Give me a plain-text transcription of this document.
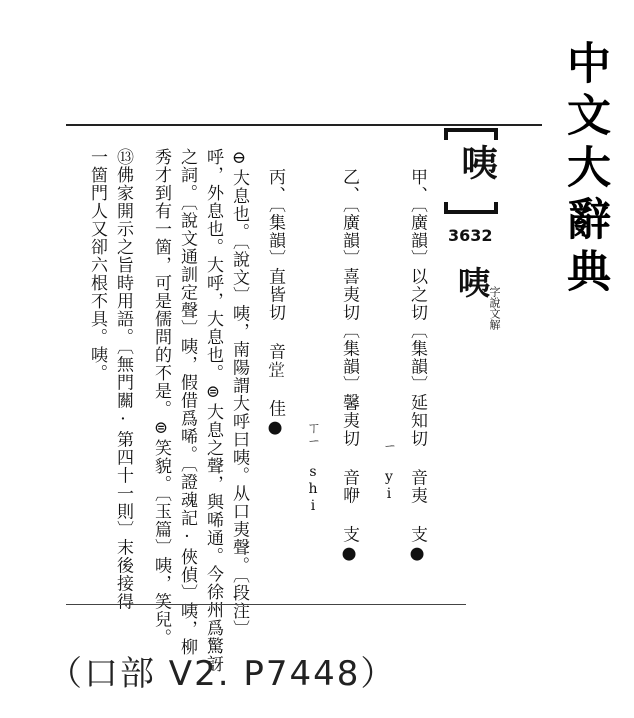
中文大辭典
咦
3632
咦
字說文解
甲、〔廣韻〕以之切〔集韻〕延知切 音夷 支●
ㄧ yi
乙、〔廣韻〕喜夷切〔集韻〕馨夷切 音咿 支●
ㄒㄧ shi
丙、〔集韻〕直皆切 音𣥺 佳●
⊖大息也。〔說文〕咦，南陽謂大呼曰咦。从口夷聲。〔段注〕
呼，外息也。大呼，大息也。⊜大息之聲，與唏通。今徐州爲驚訝
之詞。〔說文通訓定聲〕咦，假借爲唏。〔證魂記·俠偵〕咦，柳
秀才到有一箇，可是儒問的不是。⊜笑貌。〔玉篇〕咦，笑兒。
⑬佛家開示之旨時用語。〔無門關·第四十一則〕末後接得
一箇門人又卻六根不具。咦。
（口部 V2. P7448）
